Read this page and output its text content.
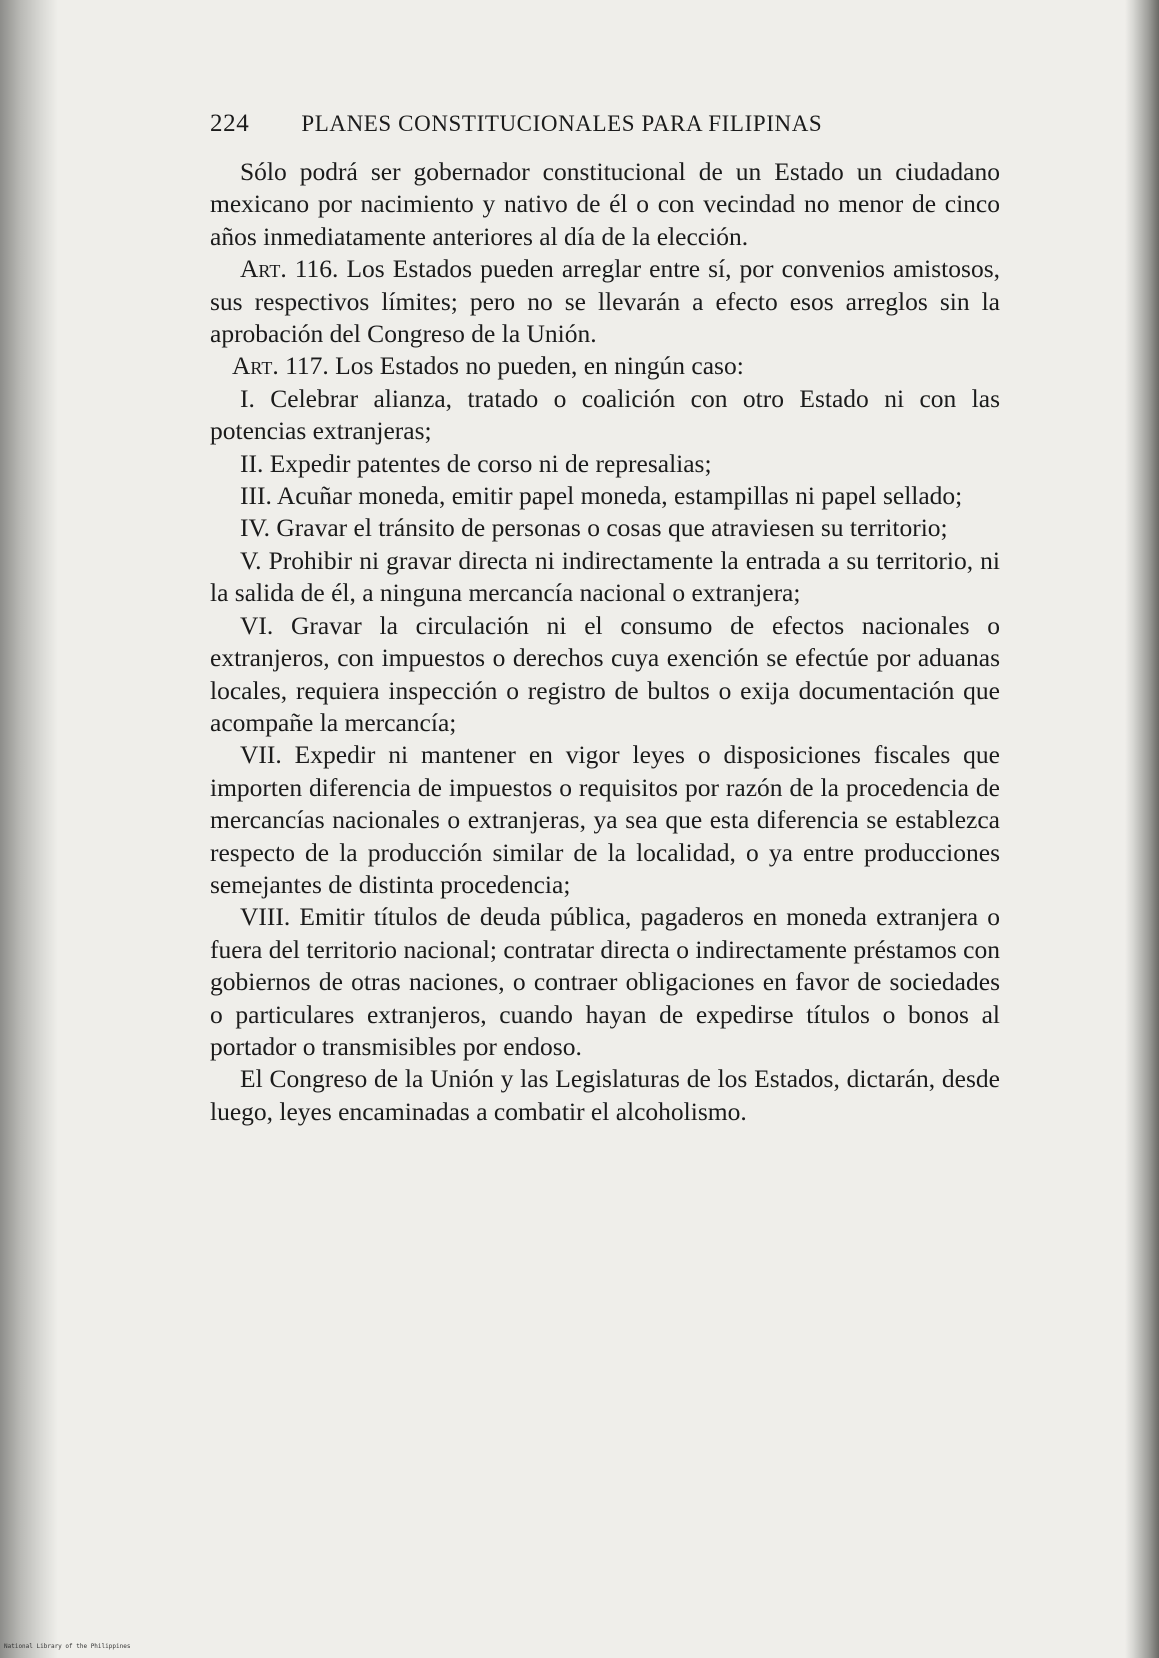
224 PLANES CONSTITUCIONALES PARA FILIPINAS

Sólo podrá ser gobernador constitucional de un Estado un ciudadano mexicano por nacimiento y nativo de él o con vecindad no menor de cinco años inmediatamente anteriores al día de la elección.

Art. 116. Los Estados pueden arreglar entre sí, por convenios amistosos, sus respectivos límites; pero no se llevarán a efecto esos arreglos sin la aprobación del Congreso de la Unión.

Art. 117. Los Estados no pueden, en ningún caso:

I. Celebrar alianza, tratado o coalición con otro Estado ni con las potencias extranjeras;

II. Expedir patentes de corso ni de represalias;

III. Acuñar moneda, emitir papel moneda, estampillas ni papel sellado;

IV. Gravar el tránsito de personas o cosas que atraviesen su territorio;

V. Prohibir ni gravar directa ni indirectamente la entrada a su territorio, ni la salida de él, a ninguna mercancía nacional o extranjera;

VI. Gravar la circulación ni el consumo de efectos nacionales o extranjeros, con impuestos o derechos cuya exención se efectúe por aduanas locales, requiera inspección o registro de bultos o exija documentación que acompañe la mercancía;

VII. Expedir ni mantener en vigor leyes o disposiciones fiscales que importen diferencia de impuestos o requisitos por razón de la procedencia de mercancías nacionales o extranjeras, ya sea que esta diferencia se establezca respecto de la producción similar de la localidad, o ya entre producciones semejantes de distinta procedencia;

VIII. Emitir títulos de deuda pública, pagaderos en moneda extranjera o fuera del territorio nacional; contratar directa o indirectamente préstamos con gobiernos de otras naciones, o contraer obligaciones en favor de sociedades o particulares extranjeros, cuando hayan de expedirse títulos o bonos al portador o transmisibles por endoso.

El Congreso de la Unión y las Legislaturas de los Estados, dictarán, desde luego, leyes encaminadas a combatir el alcoholismo.

National Library of the Philippines
